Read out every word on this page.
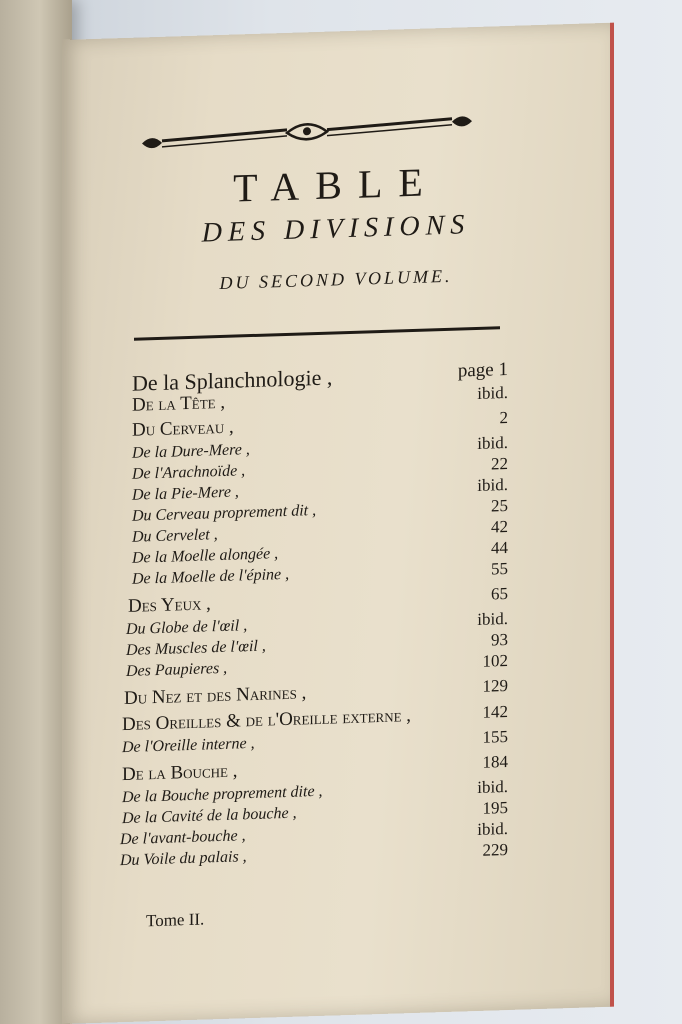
TABLE
DES DIVISIONS
DU SECOND VOLUME.
De la Splanchnologie ,	page 1
De la Tête ,	ibid.
Du Cerveau ,	2
De la Dure-Mere ,	ibid.
De l'Arachnoïde ,	22
De la Pie-Mere ,	ibid.
Du Cerveau proprement dit ,	25
Du Cervelet ,	42
De la Moelle alongée ,	44
De la Moelle de l'épine ,	55
Des Yeux ,	65
Du Globe de l'œil ,	ibid.
Des Muscles de l'œil ,	93
Des Paupieres ,	102
Du Nez et des Narines ,	129
Des Oreilles & de l'Oreille externe ,	142
De l'Oreille interne ,	155
De la Bouche ,	184
De la Bouche proprement dite ,	ibid.
De la Cavité de la bouche ,	195
De l'avant-bouche ,	ibid.
Du Voile du palais ,	229
Tome II.
